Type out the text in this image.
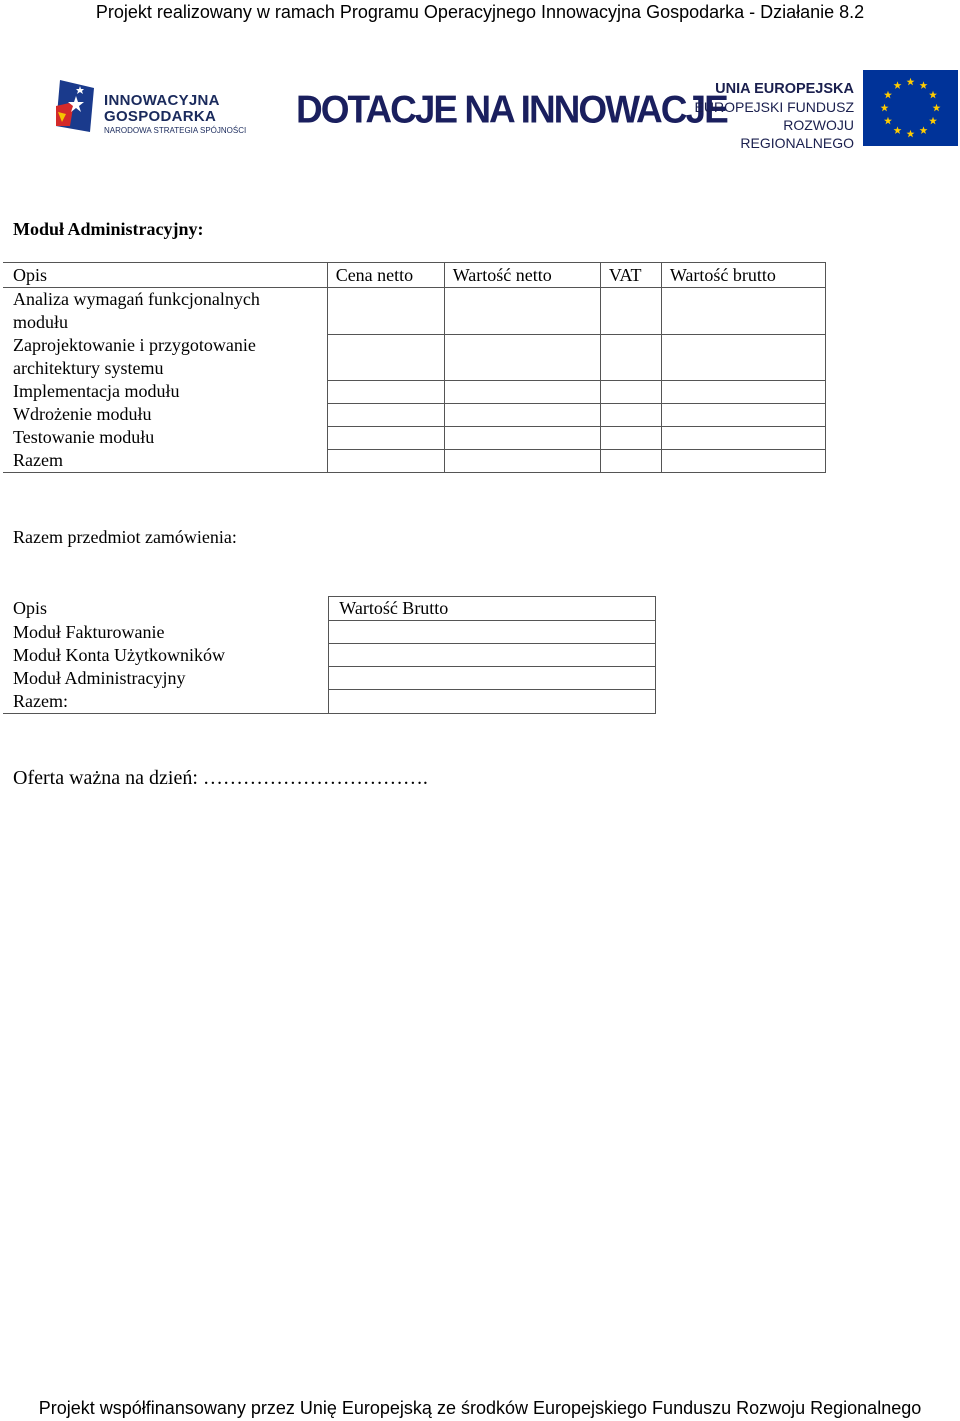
Projekt realizowany w ramach Programu Operacyjnego Innowacyjna Gospodarka - Działanie 8.2
INNOWACYJNA
GOSPODARKA
NARODOWA STRATEGIA SPÓJNOŚCI DOTACJE NA INNOWACJE
UNIA EUROPEJSKA
EUROPEJSKI FUNDUSZ
ROZWOJU REGIONALNEGO
Moduł Administracyjny:
Opis	Cena netto	Wartość netto	VAT	Wartość brutto
Analiza wymagań funkcjonalnych modułu				
Zaprojektowanie i przygotowanie architektury systemu				
Implementacja modułu				
Wdrożenie modułu				
Testowanie modułu				
Razem				
Razem przedmiot zamówienia:
Opis	Wartość Brutto
Moduł Fakturowanie	
Moduł Konta Użytkowników	
Moduł Administracyjny	
Razem:	
Oferta ważna na dzień: …………………………….
Projekt współfinansowany przez Unię Europejską ze środków Europejskiego Funduszu Rozwoju Regionalnego
